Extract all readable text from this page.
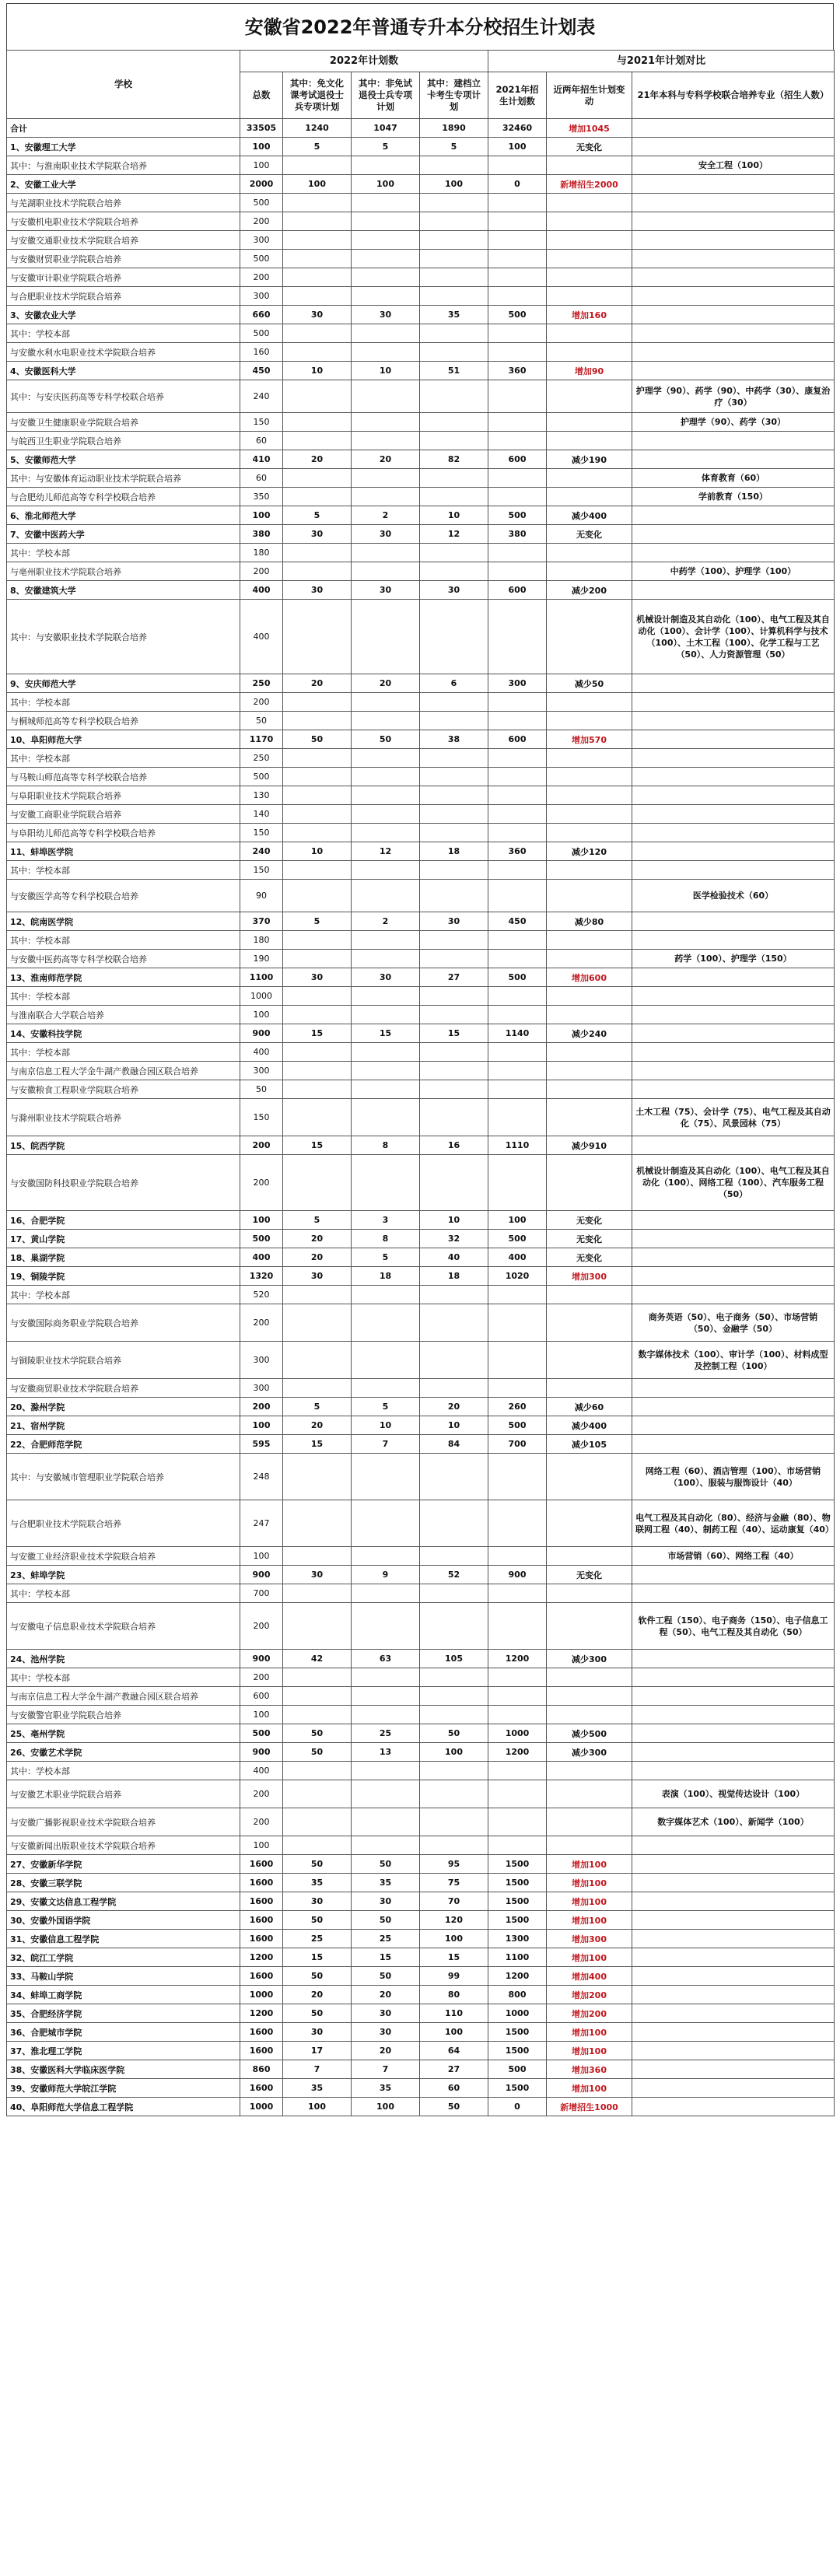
安徽省2022年普通专升本分校招生计划表
学校	2022年计划数				与2021年计划对比		
	总数	其中：免文化课考试退役士兵专项计划	其中：非免试退役士兵专项计划	其中：建档立卡考生专项计划	2021年招生计划数	近两年招生计划变动	21年本科与专科学校联合培养专业（招生人数）
合计	33505	1240	1047	1890	32460	增加1045	
1、安徽理工大学	100	5	5	5	100	无变化	
其中：与淮南职业技术学院联合培养	100						安全工程（100）
2、安徽工业大学	2000	100	100	100	0	新增招生2000	
与芜湖职业技术学院联合培养	500						
与安徽机电职业技术学院联合培养	200						
与安徽交通职业技术学院联合培养	300						
与安徽财贸职业学院联合培养	500						
与安徽审计职业学院联合培养	200						
与合肥职业技术学院联合培养	300						
3、安徽农业大学	660	30	30	35	500	增加160	
其中：学校本部	500						
与安徽水利水电职业技术学院联合培养	160						
4、安徽医科大学	450	10	10	51	360	增加90	
其中：与安庆医药高等专科学校联合培养	240						护理学（90）、药学（90）、中药学（30）、康复治疗（30）
与安徽卫生健康职业学院联合培养	150						护理学（90）、药学（30）
与皖西卫生职业学院联合培养	60						
5、安徽师范大学	410	20	20	82	600	减少190	
其中：与安徽体育运动职业技术学院联合培养	60						体育教育（60）
与合肥幼儿师范高等专科学校联合培养	350						学前教育（150）
6、淮北师范大学	100	5	2	10	500	减少400	
7、安徽中医药大学	380	30	30	12	380	无变化	
其中：学校本部	180						
与亳州职业技术学院联合培养	200						中药学（100）、护理学（100）
8、安徽建筑大学	400	30	30	30	600	减少200	
其中：与安徽职业技术学院联合培养	400						机械设计制造及其自动化（100）、电气工程及其自动化（100）、会计学（100）、计算机科学与技术（100）、土木工程（100）、化学工程与工艺（50）、人力资源管理（50）
9、安庆师范大学	250	20	20	6	300	减少50	
其中：学校本部	200						
与桐城师范高等专科学校联合培养	50						
10、阜阳师范大学	1170	50	50	38	600	增加570	
其中：学校本部	250						
与马鞍山师范高等专科学校联合培养	500						
与阜阳职业技术学院联合培养	130						
与安徽工商职业学院联合培养	140						
与阜阳幼儿师范高等专科学校联合培养	150						
11、蚌埠医学院	240	10	12	18	360	减少120	
其中：学校本部	150						
与安徽医学高等专科学校联合培养	90						医学检验技术（60）
12、皖南医学院	370	5	2	30	450	减少80	
其中：学校本部	180						
与安徽中医药高等专科学校联合培养	190						药学（100）、护理学（150）
13、淮南师范学院	1100	30	30	27	500	增加600	
其中：学校本部	1000						
与淮南联合大学联合培养	100						
14、安徽科技学院	900	15	15	15	1140	减少240	
其中：学校本部	400						
与南京信息工程大学金牛湖产教融合园区联合培养	300						
与安徽粮食工程职业学院联合培养	50						
与滁州职业技术学院联合培养	150						土木工程（75）、会计学（75）、电气工程及其自动化（75）、风景园林（75）
15、皖西学院	200	15	8	16	1110	减少910	
与安徽国防科技职业学院联合培养	200						机械设计制造及其自动化（100）、电气工程及其自动化（100）、网络工程（100）、汽车服务工程（50）
16、合肥学院	100	5	3	10	100	无变化	
17、黄山学院	500	20	8	32	500	无变化	
18、巢湖学院	400	20	5	40	400	无变化	
19、铜陵学院	1320	30	18	18	1020	增加300	
其中：学校本部	520						
与安徽国际商务职业学院联合培养	200						商务英语（50）、电子商务（50）、市场营销（50）、金融学（50）
与铜陵职业技术学院联合培养	300						数字媒体技术（100）、审计学（100）、材料成型及控制工程（100）
与安徽商贸职业技术学院联合培养	300						
20、滁州学院	200	5	5	20	260	减少60	
21、宿州学院	100	20	10	10	500	减少400	
22、合肥师范学院	595	15	7	84	700	减少105	
其中：与安徽城市管理职业学院联合培养	248						网络工程（60）、酒店管理（100）、市场营销（100）、服装与服饰设计（40）
与合肥职业技术学院联合培养	247						电气工程及其自动化（80）、经济与金融（80）、物联网工程（40）、制药工程（40）、运动康复（40）
与安徽工业经济职业技术学院联合培养	100						市场营销（60）、网络工程（40）
23、蚌埠学院	900	30	9	52	900	无变化	
其中：学校本部	700						
与安徽电子信息职业技术学院联合培养	200						软件工程（150）、电子商务（150）、电子信息工程（50）、电气工程及其自动化（50）
24、池州学院	900	42	63	105	1200	减少300	
其中：学校本部	200						
与南京信息工程大学金牛湖产教融合园区联合培养	600						
与安徽警官职业学院联合培养	100						
25、亳州学院	500	50	25	50	1000	减少500	
26、安徽艺术学院	900	50	13	100	1200	减少300	
其中：学校本部	400						
与安徽艺术职业学院联合培养	200						表演（100）、视觉传达设计（100）
与安徽广播影视职业技术学院联合培养	200						数字媒体艺术（100）、新闻学（100）
与安徽新闻出版职业技术学院联合培养	100						
27、安徽新华学院	1600	50	50	95	1500	增加100	
28、安徽三联学院	1600	35	35	75	1500	增加100	
29、安徽文达信息工程学院	1600	30	30	70	1500	增加100	
30、安徽外国语学院	1600	50	50	120	1500	增加100	
31、安徽信息工程学院	1600	25	25	100	1300	增加300	
32、皖江工学院	1200	15	15	15	1100	增加100	
33、马鞍山学院	1600	50	50	99	1200	增加400	
34、蚌埠工商学院	1000	20	20	80	800	增加200	
35、合肥经济学院	1200	50	30	110	1000	增加200	
36、合肥城市学院	1600	30	30	100	1500	增加100	
37、淮北理工学院	1600	17	20	64	1500	增加100	
38、安徽医科大学临床医学院	860	7	7	27	500	增加360	
39、安徽师范大学皖江学院	1600	35	35	60	1500	增加100	
40、阜阳师范大学信息工程学院	1000	100	100	50	0	新增招生1000	
